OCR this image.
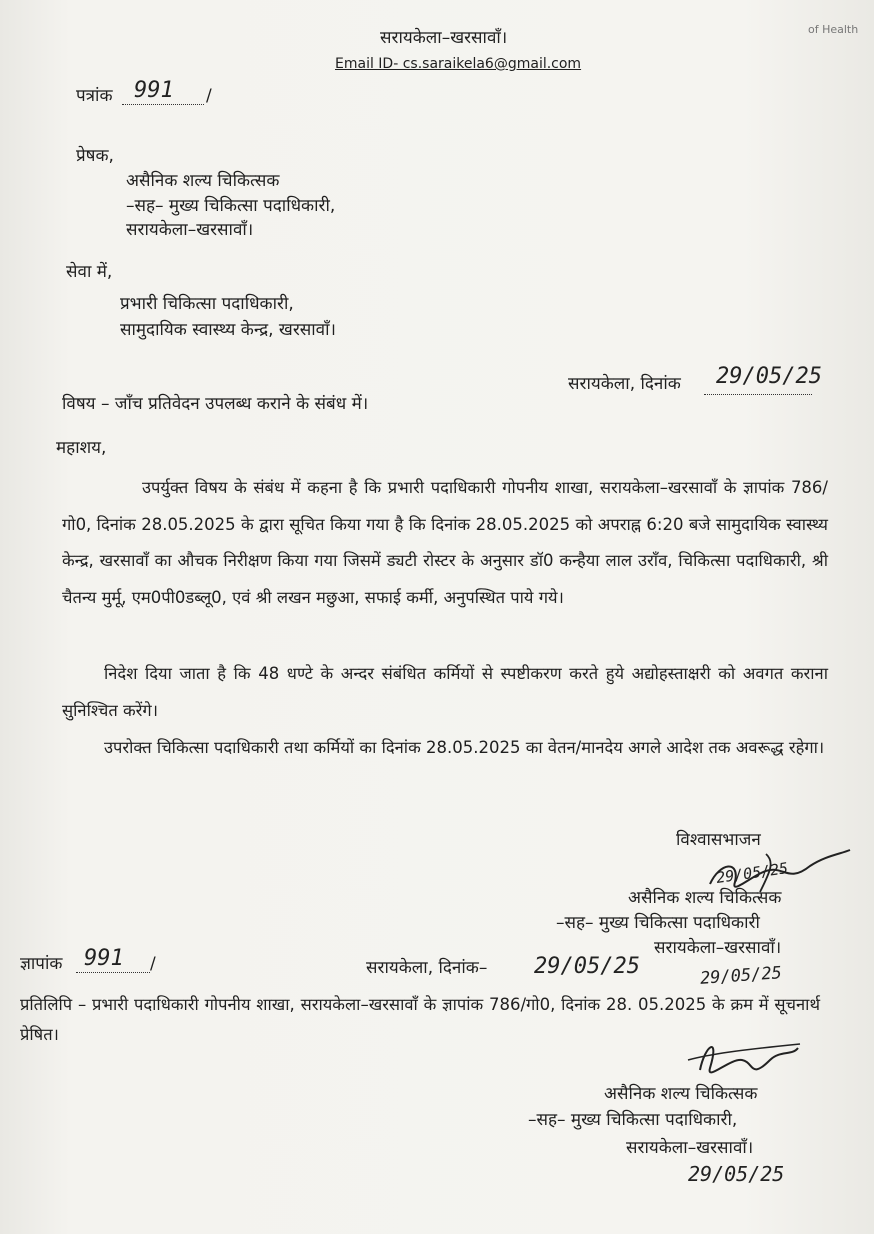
सरायकेला–खरसावाँ।
Email ID- cs.saraikela6@gmail.com
of Health
पत्रांक 991 /
प्रेषक,
असैनिक शल्य चिकित्सक
–सह– मुख्य चिकित्सा पदाधिकारी,
सरायकेला–खरसावाँ।
सेवा में,
प्रभारी चिकित्सा पदाधिकारी,
सामुदायिक स्वास्थ्य केन्द्र, खरसावाँ।
सरायकेला, दिनांक 29/05/25
विषय – जाँच प्रतिवेदन उपलब्ध कराने के संबंध में।
महाशय,
उपर्युक्त विषय के संबंध में कहना है कि प्रभारी पदाधिकारी गोपनीय शाखा, सरायकेला–खरसावाँ के ज्ञापांक 786/गो0, दिनांक 28.05.2025 के द्वारा सूचित किया गया है कि दिनांक 28.05.2025 को अपराह्न 6:20 बजे सामुदायिक स्वास्थ्य केन्द्र, खरसावाँ का औचक निरीक्षण किया गया जिसमें ड्यटी रोस्टर के अनुसार डॉ0 कन्हैया लाल उराँव, चिकित्सा पदाधिकारी, श्री चैतन्य मुर्मू, एम0पी0डब्लू0, एवं श्री लखन मछुआ, सफाई कर्मी, अनुपस्थित पाये गये।
निदेश दिया जाता है कि 48 धण्टे के अन्दर संबंधित कर्मियों से स्पष्टीकरण करते हुये अद्योहस्ताक्षरी को अवगत कराना सुनिश्चित करेंगे।
उपरोक्त चिकित्सा पदाधिकारी तथा कर्मियों का दिनांक 28.05.2025 का वेतन/मानदेय अगले आदेश तक अवरूद्ध रहेगा।
विश्वासभाजन
29/05/25
असैनिक शल्य चिकित्सक
–सह– मुख्य चिकित्सा पदाधिकारी
सरायकेला–खरसावाँ।
ज्ञापांक 991 /	सरायकेला, दिनांक– 29/05/25	29/05/25
प्रतिलिपि – प्रभारी पदाधिकारी गोपनीय शाखा, सरायकेला–खरसावाँ के ज्ञापांक 786/गो0, दिनांक 28. 05.2025 के क्रम में सूचनार्थ प्रेषित।
असैनिक शल्य चिकित्सक
–सह– मुख्य चिकित्सा पदाधिकारी,
सरायकेला–खरसावाँ।
29/05/25
